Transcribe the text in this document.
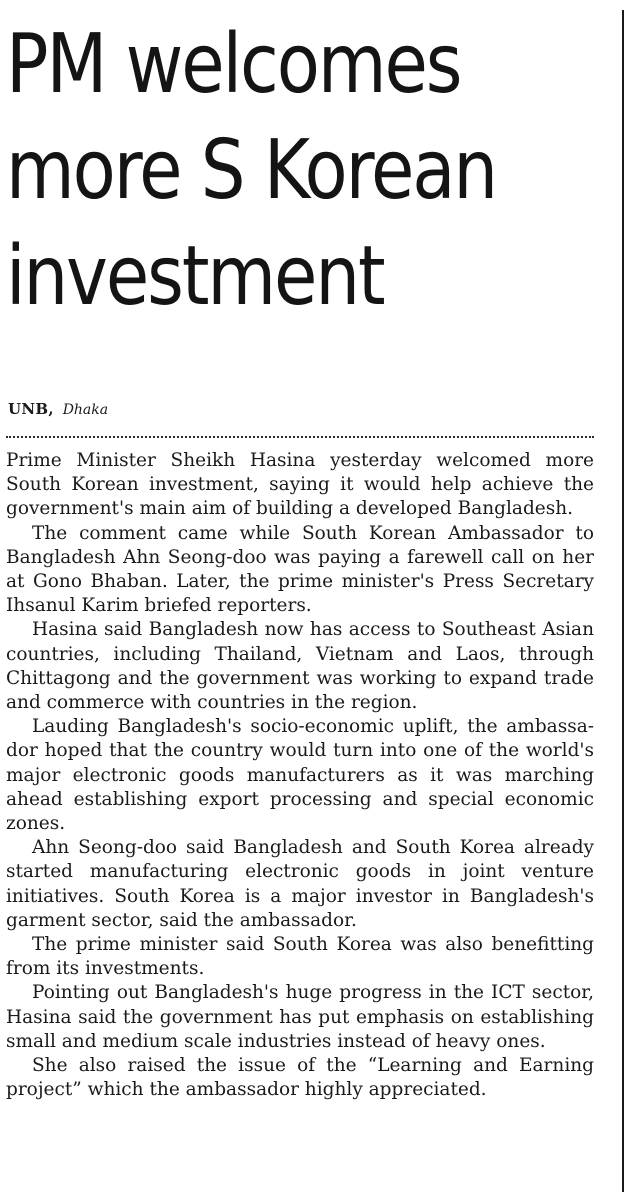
PM welcomes
more S Korean
investment
UNB, Dhaka

Prime Minister Sheikh Hasina yesterday welcomed more South Korean investment, saying it would help achieve the government's main aim of building a developed Bangladesh.

The comment came while South Korean Ambassador to Bangladesh Ahn Seong-doo was paying a farewell call on her at Gono Bhaban. Later, the prime minister's Press Secretary Ihsanul Karim briefed reporters.

Hasina said Bangladesh now has access to Southeast Asian countries, including Thailand, Vietnam and Laos, through Chittagong and the government was working to expand trade and commerce with countries in the region.

Lauding Bangladesh's socio-economic uplift, the ambassador hoped that the country would turn into one of the world's major electronic goods manufacturers as it was marching ahead establishing export processing and special economic zones.

Ahn Seong-doo said Bangladesh and South Korea already started manufacturing electronic goods in joint venture initiatives. South Korea is a major investor in Bangladesh's garment sector, said the ambassador.

The prime minister said South Korea was also benefitting from its investments.

Pointing out Bangladesh's huge progress in the ICT sector, Hasina said the government has put emphasis on establishing small and medium scale industries instead of heavy ones.

She also raised the issue of the “Learning and Earning project” which the ambassador highly appreciated.
